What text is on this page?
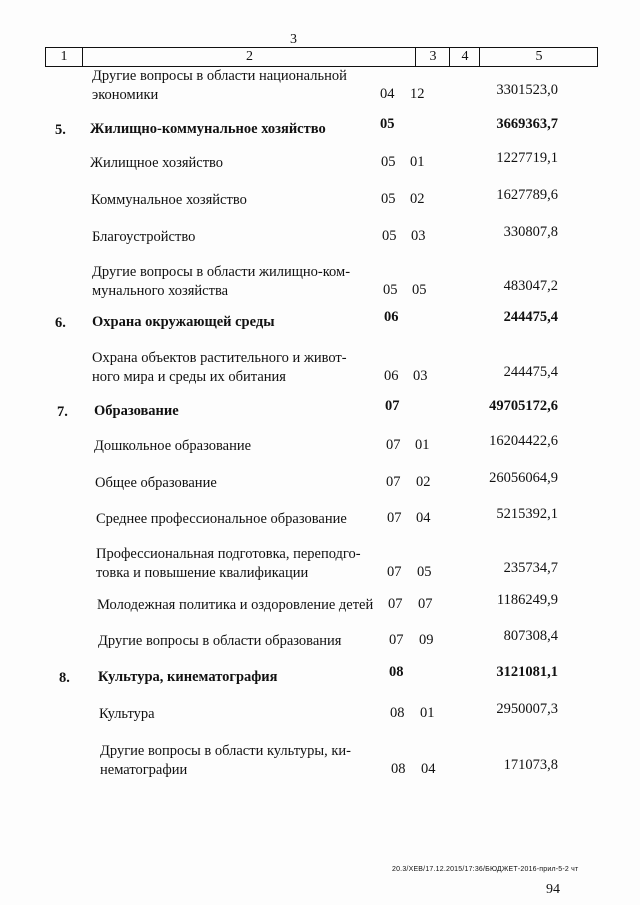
3
1	2	3	4	5
Другие вопросы в области национальной
экономики	04 12	3301523,0
5. Жилищно-коммунальное хозяйство	05	3669363,7
Жилищное хозяйство	05 01	1227719,1
Коммунальное хозяйство	05 02	1627789,6
Благоустройство	05 03	330807,8
Другие вопросы в области жилищно-ком-
мунального хозяйства	05 05	483047,2
6. Охрана окружающей среды	06	244475,4
Охрана объектов растительного и живот-
ного мира и среды их обитания	06 03	244475,4
7. Образование	07	49705172,6
Дошкольное образование	07 01	16204422,6
Общее образование	07 02	26056064,9
Среднее профессиональное образование	07 04	5215392,1
Профессиональная подготовка, переподго-
товка и повышение квалификации	07 05	235734,7
Молодежная политика и оздоровление детей 07 07	1186249,9
Другие вопросы в области образования	07 09	807308,4
8. Культура, кинематография	08	3121081,1
Культура	08 01	2950007,3
Другие вопросы в области культуры, ки-
нематографии	08 04	171073,8
20.3/ХЕВ/17.12.2015/17:36/БЮДЖЕТ-2016-прил-5-2 чт
94
